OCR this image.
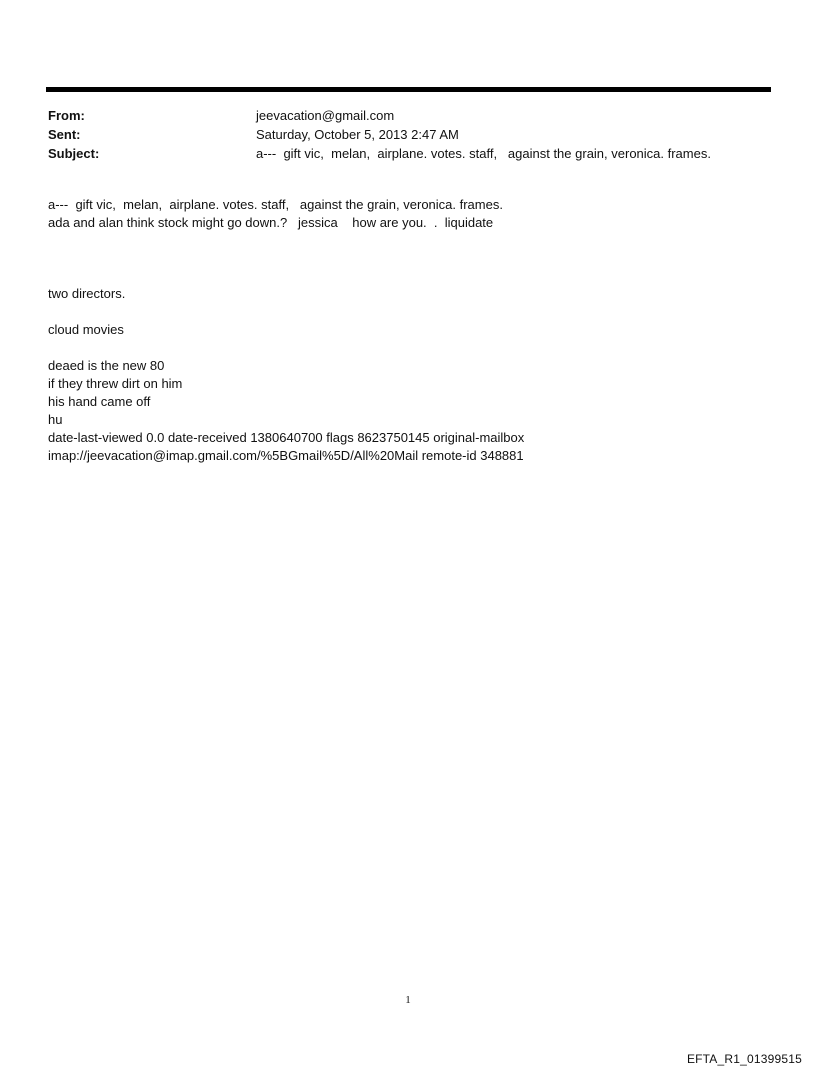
From:	jeevacation@gmail.com
Sent:	Saturday, October 5, 2013 2:47 AM
Subject:	a---  gift vic,  melan,  airplane. votes. staff,   against the grain, veronica. frames.
a---  gift vic,  melan,  airplane. votes. staff,   against the grain, veronica. frames.
ada and alan think stock might go down.?   jessica    how are you.  .  liquidate
two directors.
cloud movies
deaed is the new 80
if they threw dirt on him
his hand came off
hu
date-last-viewed 0.0 date-received 1380640700 flags 8623750145 original-mailbox
imap://jeevacation@imap.gmail.com/%5BGmail%5D/All%20Mail remote-id 348881
1
EFTA_R1_01399515
